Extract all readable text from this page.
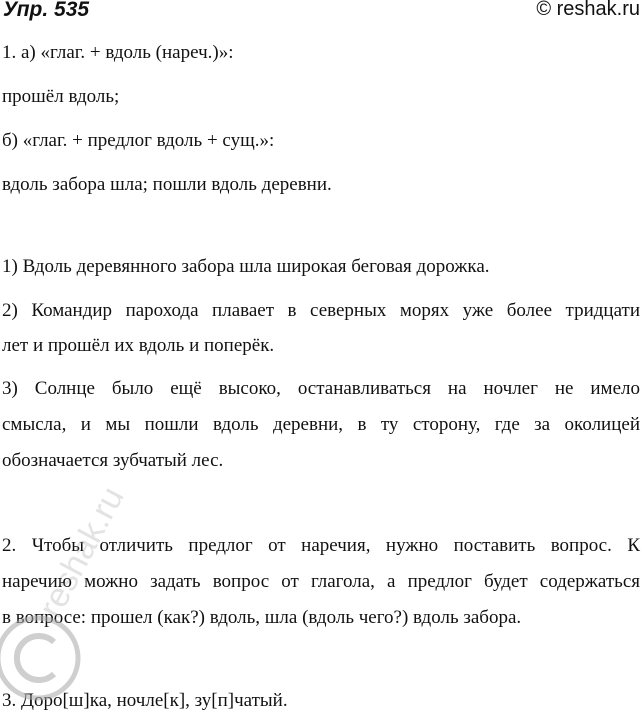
Упр. 535	© reshak.ru
1. а) «глаг. + вдоль (нареч.)»:
прошёл вдоль;
б) «глаг. + предлог вдоль + сущ.»:
вдоль забора шла; пошли вдоль деревни.
1) Вдоль деревянного забора шла широкая беговая дорожка.
2) Командир парохода плавает в северных морях уже более тридцати
лет и прошёл их вдоль и поперёк.
3) Солнце было ещё высоко, останавливаться на ночлег не имело
смысла, и мы пошли вдоль деревни, в ту сторону, где за околицей
обозначается зубчатый лес.
2. Чтобы отличить предлог от наречия, нужно поставить вопрос. К
наречию можно задать вопрос от глагола, а предлог будет содержаться
в вопросе: прошел (как?) вдоль, шла (вдоль чего?) вдоль забора.
3. Доро[ш]ка, ночле[к], зу[п]чатый.
reshak.ru
